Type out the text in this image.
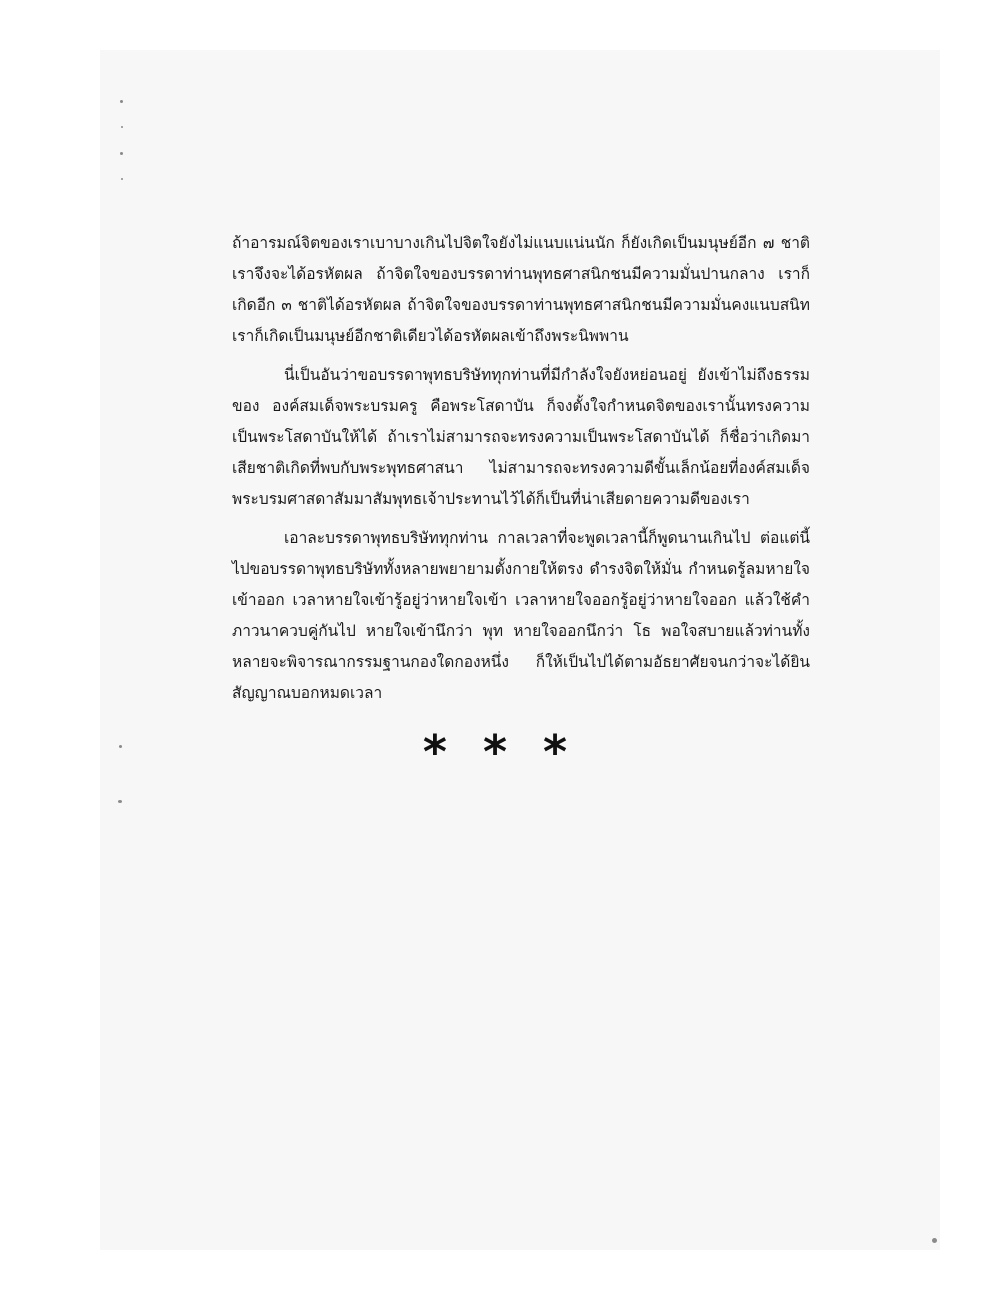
ถ้าอารมณ์จิตของเราเบาบางเกินไปจิตใจยังไม่แนบแน่นนัก ก็ยังเกิดเป็นมนุษย์อีก ๗ ชาติ เราจึงจะได้อรหัตผล ถ้าจิตใจของบรรดาท่านพุทธศาสนิกชนมีความมั่นปานกลาง เราก็เกิดอีก ๓ ชาติได้อรหัตผล ถ้าจิตใจของบรรดาท่านพุทธศาสนิกชนมีความมั่นคงแนบสนิท เราก็เกิดเป็นมนุษย์อีกชาติเดียวได้อรหัตผลเข้าถึงพระนิพพาน

นี่เป็นอันว่าขอบรรดาพุทธบริษัททุกท่านที่มีกำลังใจยังหย่อนอยู่ ยังเข้าไม่ถึงธรรมของ องค์สมเด็จพระบรมครู คือพระโสดาบัน ก็จงตั้งใจกำหนดจิตของเรานั้นทรงความเป็นพระโสดาบันให้ได้ ถ้าเราไม่สามารถจะทรงความเป็นพระโสดาบันได้ ก็ชื่อว่าเกิดมาเสียชาติเกิดที่พบกับพระพุทธศาสนา ไม่สามารถจะทรงความดีขั้นเล็กน้อยที่องค์สมเด็จพระบรมศาสดาสัมมาสัมพุทธเจ้าประทานไว้ได้ก็เป็นที่น่าเสียดายความดีของเรา

เอาละบรรดาพุทธบริษัททุกท่าน กาลเวลาที่จะพูดเวลานี้ก็พูดนานเกินไป ต่อแต่นี้ไปขอบรรดาพุทธบริษัททั้งหลายพยายามตั้งกายให้ตรง ดำรงจิตให้มั่น กำหนดรู้ลมหายใจเข้าออก เวลาหายใจเข้ารู้อยู่ว่าหายใจเข้า เวลาหายใจออกรู้อยู่ว่าหายใจออก แล้วใช้คำภาวนาควบคู่กันไป หายใจเข้านึกว่า พุท หายใจออกนึกว่า โธ พอใจสบายแล้วท่านทั้งหลายจะพิจารณากรรมฐานกองใดกองหนึ่ง ก็ให้เป็นไปได้ตามอัธยาศัยจนกว่าจะได้ยินสัญญาณบอกหมดเวลา

* * *
